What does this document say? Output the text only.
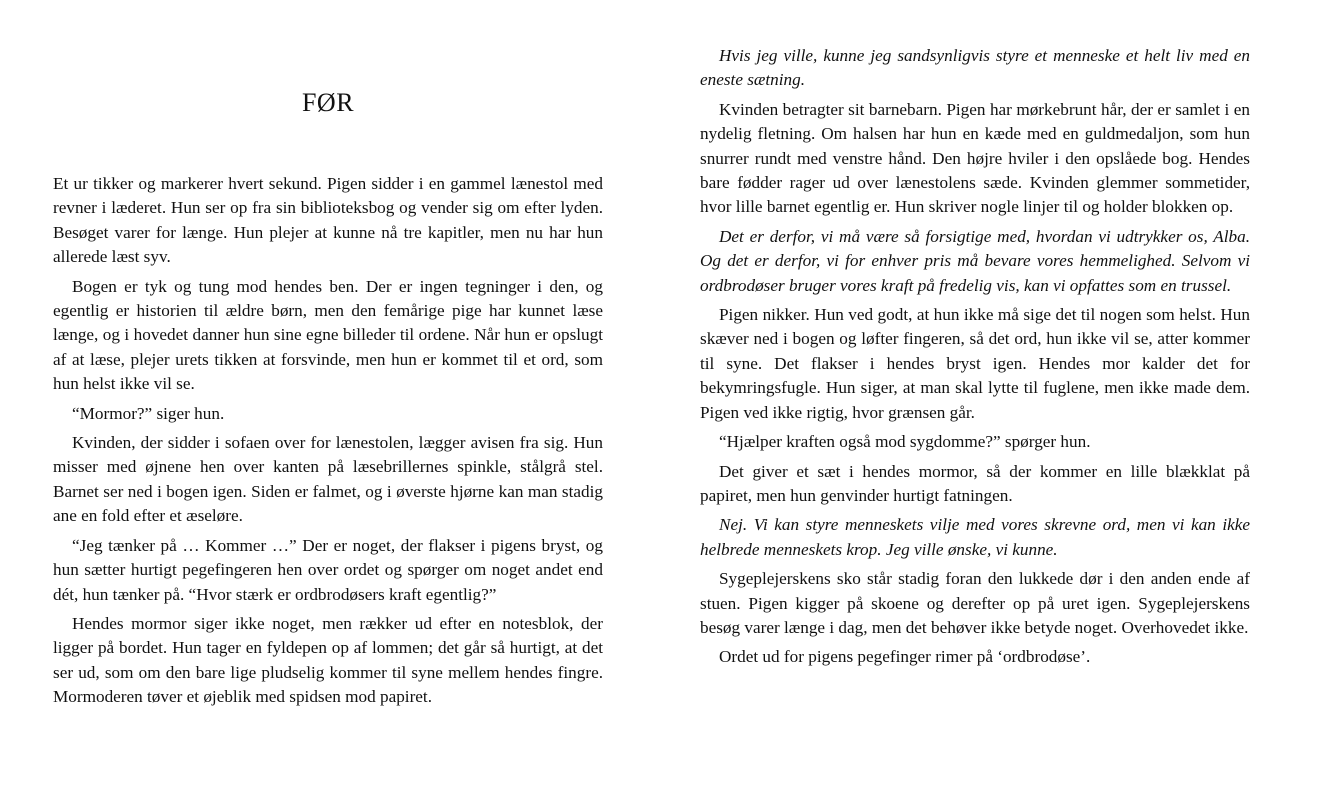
FØR

Et ur tikker og markerer hvert sekund. Pigen sidder i en gammel lænestol med revner i læderet. Hun ser op fra sin biblioteksbog og vender sig om efter lyden. Besøget varer for længe. Hun plejer at kunne nå tre kapitler, men nu har hun allerede læst syv.

Bogen er tyk og tung mod hendes ben. Der er ingen tegninger i den, og egentlig er historien til ældre børn, men den femårige pige har kunnet læse længe, og i hovedet danner hun sine egne billeder til ordene. Når hun er opslugt af at læse, plejer urets tikken at forsvinde, men hun er kommet til et ord, som hun helst ikke vil se.

“Mormor?” siger hun.

Kvinden, der sidder i sofaen over for lænestolen, lægger avisen fra sig. Hun misser med øjnene hen over kanten på læsebrillernes spinkle, stålgrå stel. Barnet ser ned i bogen igen. Siden er falmet, og i øverste hjørne kan man stadig ane en fold efter et æseløre.

“Jeg tænker på … Kommer …” Der er noget, der flakser i pigens bryst, og hun sætter hurtigt pegefingeren hen over ordet og spørger om noget andet end dét, hun tænker på. “Hvor stærk er ordbrodøsers kraft egentlig?”

Hendes mormor siger ikke noget, men rækker ud efter en notesblok, der ligger på bordet. Hun tager en fyldepen op af lommen; det går så hurtigt, at det ser ud, som om den bare lige pludselig kommer til syne mellem hendes fingre. Mormoderen tøver et øjeblik med spidsen mod papiret.

Hvis jeg ville, kunne jeg sandsynligvis styre et menneske et helt liv med en eneste sætning.

Kvinden betragter sit barnebarn. Pigen har mørkebrunt hår, der er samlet i en nydelig fletning. Om halsen har hun en kæde med en guldmedaljon, som hun snurrer rundt med venstre hånd. Den højre hviler i den opslåede bog. Hendes bare fødder rager ud over lænestolens sæde. Kvinden glemmer sommetider, hvor lille barnet egentlig er. Hun skriver nogle linjer til og holder blokken op.

Det er derfor, vi må være så forsigtige med, hvordan vi udtrykker os, Alba. Og det er derfor, vi for enhver pris må bevare vores hemmelighed. Selvom vi ordbrodøser bruger vores kraft på fredelig vis, kan vi opfattes som en trussel.

Pigen nikker. Hun ved godt, at hun ikke må sige det til nogen som helst. Hun skæver ned i bogen og løfter fingeren, så det ord, hun ikke vil se, atter kommer til syne. Det flakser i hendes bryst igen. Hendes mor kalder det for bekymringsfugle. Hun siger, at man skal lytte til fuglene, men ikke made dem. Pigen ved ikke rigtig, hvor grænsen går.

“Hjælper kraften også mod sygdomme?” spørger hun.

Det giver et sæt i hendes mormor, så der kommer en lille blækklat på papiret, men hun genvinder hurtigt fatningen.

Nej. Vi kan styre menneskets vilje med vores skrevne ord, men vi kan ikke helbrede menneskets krop. Jeg ville ønske, vi kunne.

Sygeplejerskens sko står stadig foran den lukkede dør i den anden ende af stuen. Pigen kigger på skoene og derefter op på uret igen. Sygeplejerskens besøg varer længe i dag, men det behøver ikke betyde noget. Overhovedet ikke.

Ordet ud for pigens pegefinger rimer på ‘ordbrodøse’.
